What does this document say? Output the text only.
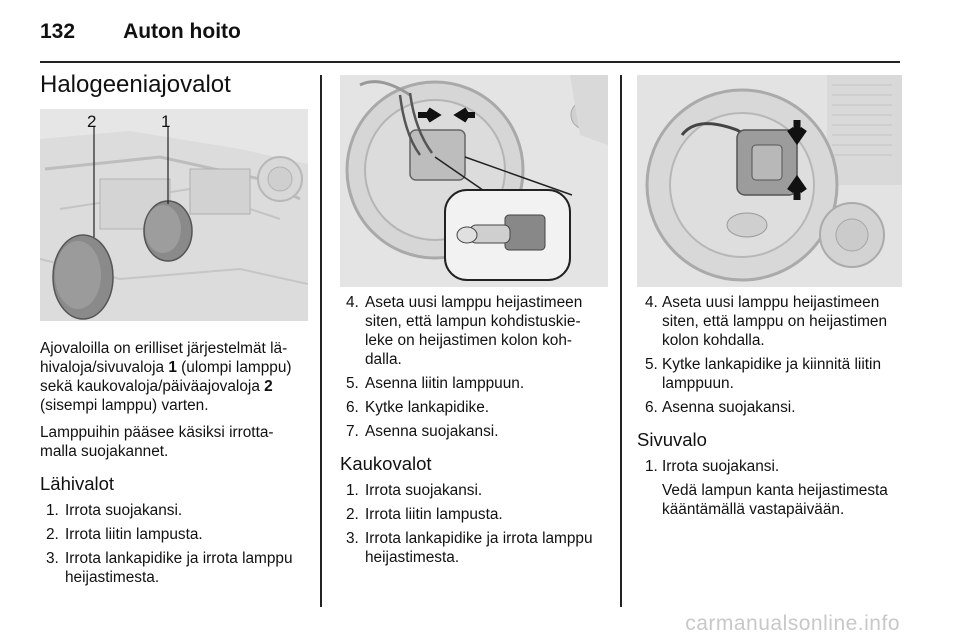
132 Auton hoito
Halogeeniajovalot
2	1

Ajovaloilla on erilliset järjestelmät lä-hivaloja/sivuvaloja 1 (ulompi lamppu) sekä kaukovaloja/päiväajovaloja 2 (sisempi lamppu) varten.

Lamppuihin pääsee käsiksi irrotta-malla suojakannet.

Lähivalot
1. Irrota suojakansi.
2. Irrota liitin lampusta.
3. Irrota lankapidike ja irrota lamppu heijastimesta.
4. Aseta uusi lamppu heijastimeen siten, että lampun kohdistuskie-leke on heijastimen kolon koh-dalla.
5. Asenna liitin lamppuun.
6. Kytke lankapidike.
7. Asenna suojakansi.
Kaukovalot
1. Irrota suojakansi.
2. Irrota liitin lampusta.
3. Irrota lankapidike ja irrota lamppu heijastimesta.
4. Aseta uusi lamppu heijastimeen siten, että lamppu on heijastimen kolon kohdalla.
5. Kytke lankapidike ja kiinnitä liitin lamppuun.
6. Asenna suojakansi.
Sivuvalo
1. Irrota suojakansi.
Vedä lampun kanta heijastimesta kääntämällä vastapäivään.
carmanualsonline.info
